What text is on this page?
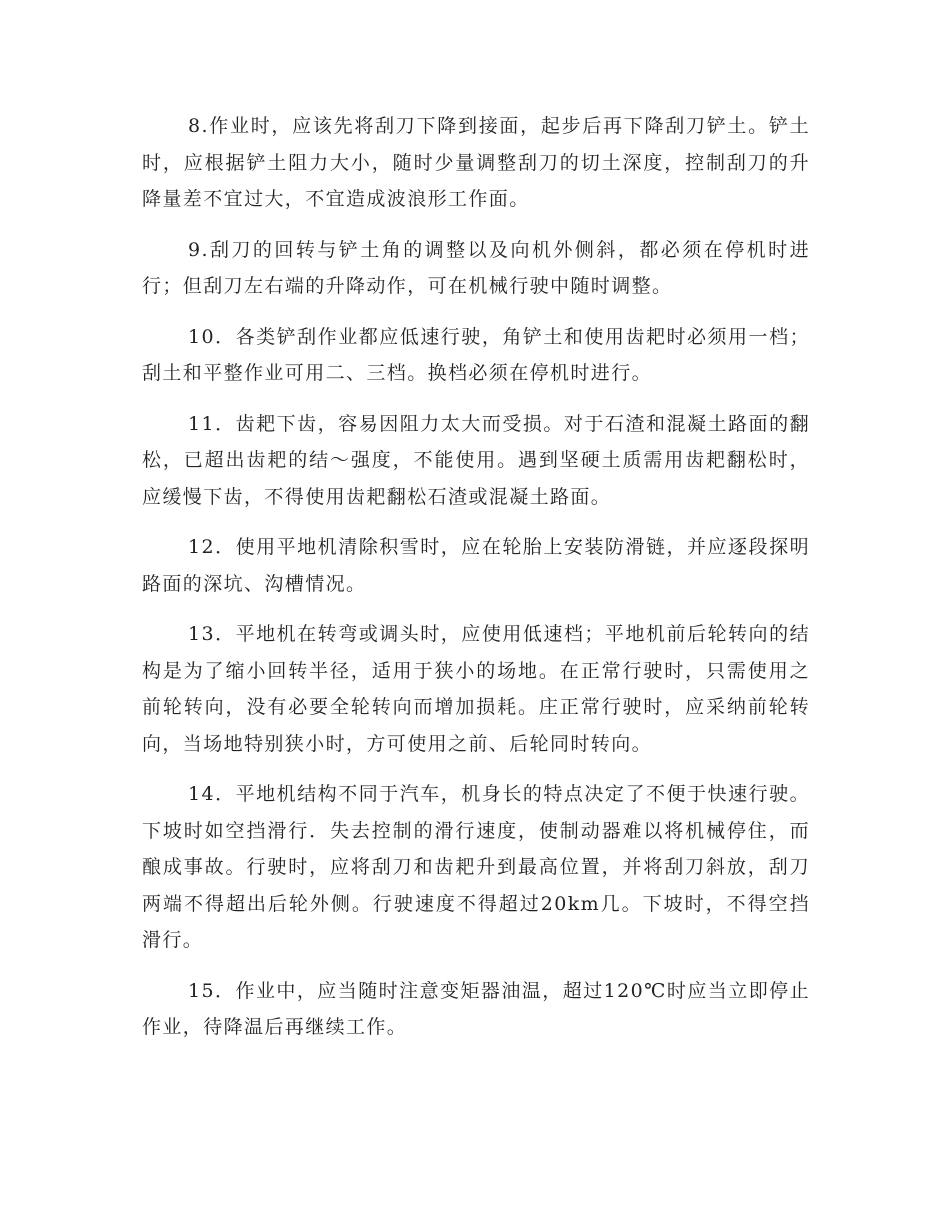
8.作业时，应该先将刮刀下降到接面，起步后再下降刮刀铲土。铲土时，应根据铲土阻力大小，随时少量调整刮刀的切土深度，控制刮刀的升降量差不宜过大，不宜造成波浪形工作面。

9.刮刀的回转与铲土角的调整以及向机外侧斜，都必须在停机时进行；但刮刀左右端的升降动作，可在机械行驶中随时调整。

10．各类铲刮作业都应低速行驶，角铲土和使用齿耙时必须用一档；刮土和平整作业可用二、三档。换档必须在停机时进行。

11．齿耙下齿，容易因阻力太大而受损。对于石渣和混凝土路面的翻松，已超出齿耙的结～强度，不能使用。遇到坚硬土质需用齿耙翻松时，应缓慢下齿，不得使用齿耙翻松石渣或混凝土路面。

12．使用平地机清除积雪时，应在轮胎上安装防滑链，并应逐段探明路面的深坑、沟槽情况。

13．平地机在转弯或调头时，应使用低速档；平地机前后轮转向的结构是为了缩小回转半径，适用于狭小的场地。在正常行驶时，只需使用之前轮转向，没有必要全轮转向而增加损耗。庄正常行驶时，应采纳前轮转向，当场地特别狭小时，方可使用之前、后轮同时转向。

14．平地机结构不同于汽车，机身长的特点决定了不便于快速行驶。下坡时如空挡滑行．失去控制的滑行速度，使制动器难以将机械停住，而酿成事故。行驶时，应将刮刀和齿耙升到最高位置，并将刮刀斜放，刮刀两端不得超出后轮外侧。行驶速度不得超过20km几。下坡时，不得空挡滑行。

15．作业中，应当随时注意变矩器油温，超过120℃时应当立即停止作业，待降温后再继续工作。
